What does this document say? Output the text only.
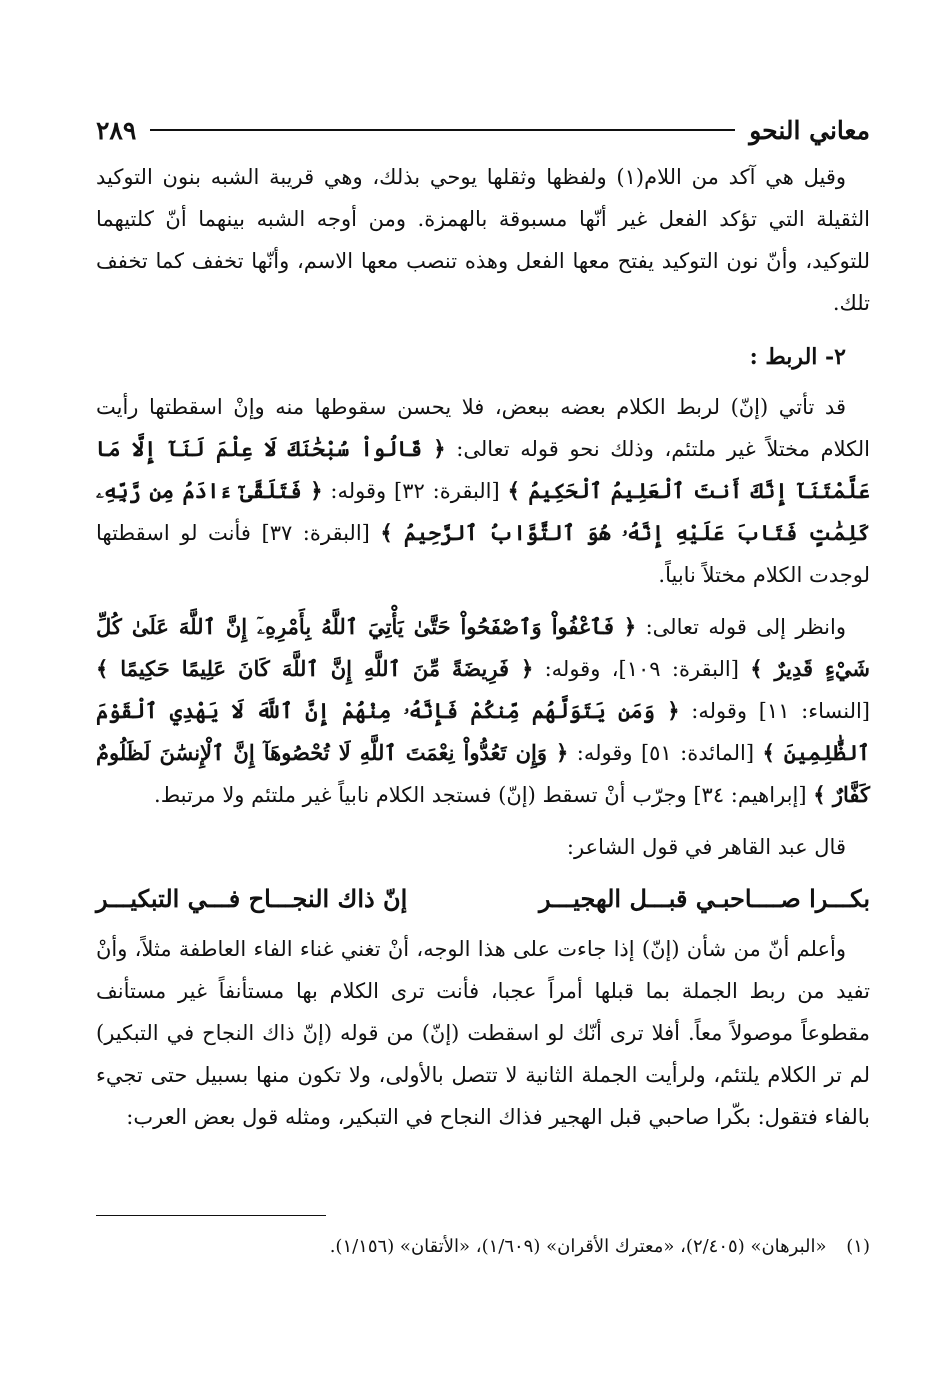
معاني النحو
٢٨٩

وقيل هي آكد من اللام(١) ولفظها وثقلها يوحي بذلك، وهي قريبة الشبه بنون التوكيد الثقيلة التي تؤكد الفعل غير أنّها مسبوقة بالهمزة. ومن أوجه الشبه بينهما أنّ كلتيهما للتوكيد، وأنّ نون التوكيد يفتح معها الفعل وهذه تنصب معها الاسم، وأنّها تخفف كما تخفف تلك.

٢- الربط :

قد تأتي (إنّ) لربط الكلام بعضه ببعض، فلا يحسن سقوطها منه وإنْ اسقطتها رأيت الكلام مختلاً غير ملتئم، وذلك نحو قوله تعالى: ﴿ قَالُواْ سُبْحَٰنَكَ لَا عِلْمَ لَنَآ إِلَّا مَا عَلَّمْتَنَآ إِنَّكَ أَنتَ ٱلْعَلِيمُ ٱلْحَكِيمُ ﴾ [البقرة: ٣٢] وقوله: ﴿ فَتَلَقَّىٰٓ ءَادَمُ مِن رَّبِّهِۦ كَلِمَٰتٍ فَتَابَ عَلَيْهِ إِنَّهُۥ هُوَ ٱلتَّوَّابُ ٱلرَّحِيمُ ﴾ [البقرة: ٣٧] فأنت لو اسقطتها لوجدت الكلام مختلاً نابياً.

وانظر إلى قوله تعالى: ﴿ فَٱعْفُواْ وَٱصْفَحُواْ حَتَّىٰ يَأْتِيَ ٱللَّهُ بِأَمْرِهِۦٓ إِنَّ ٱللَّهَ عَلَىٰ كُلِّ شَيْءٍ قَدِيرٌ ﴾ [البقرة: ١٠٩]، وقوله: ﴿ فَرِيضَةً مِّنَ ٱللَّهِ إِنَّ ٱللَّهَ كَانَ عَلِيمًا حَكِيمًا ﴾ [النساء: ١١] وقوله: ﴿ وَمَن يَتَوَلَّهُم مِّنكُمْ فَإِنَّهُۥ مِنْهُمْ إِنَّ ٱللَّهَ لَا يَهْدِي ٱلْقَوْمَ ٱلظَّٰلِمِينَ ﴾ [المائدة: ٥١] وقوله: ﴿ وَإِن تَعُدُّواْ نِعْمَتَ ٱللَّهِ لَا تُحْصُوهَآ إِنَّ ٱلْإِنسَٰنَ لَظَلُومٌ كَفَّارٌ ﴾ [إبراهيم: ٣٤] وجرّب أنْ تسقط (إنّ) فستجد الكلام نابياً غير ملتئم ولا مرتبط.

قال عبد القاهر في قول الشاعر:

بكـــرا صــــاحبـي قبـــل الهجيـــر
إنّ ذاك النجـــاح فـــي التبكيـــر

وأعلم أنّ من شأن (إنّ) إذا جاءت على هذا الوجه، أنْ تغني غناء الفاء العاطفة مثلاً، وأنْ تفيد من ربط الجملة بما قبلها أمراً عجبا، فأنت ترى الكلام بها مستأنفاً غير مستأنف مقطوعاً موصولاً معاً. أفلا ترى أنّك لو اسقطت (إنّ) من قوله (إنّ ذاك النجاح في التبكير) لم تر الكلام يلتئم، ولرأيت الجملة الثانية لا تتصل بالأولى، ولا تكون منها بسبيل حتى تجيء بالفاء فتقول: بكّرا صاحبي قبل الهجير فذاك النجاح في التبكير، ومثله قول بعض العرب:

(١) «البرهان» (٢/٤٠٥)، «معترك الأقران» (١/٦٠٩)، «الأتقان» (١/١٥٦).
